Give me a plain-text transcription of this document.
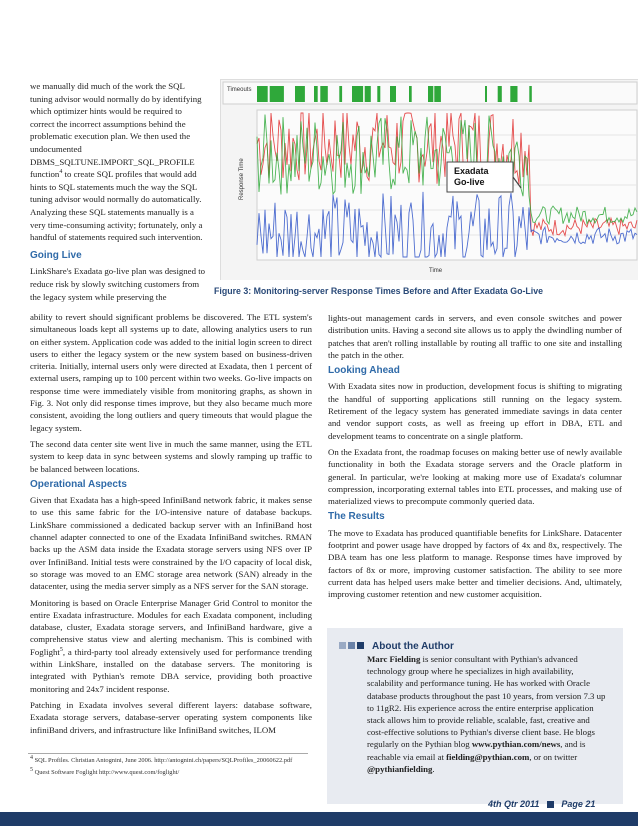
we manually did much of the work the SQL tuning advisor would normally do by identifying which optimizer hints would be required to correct the incorrect assumptions behind the problematic execution plan. We then used the undocumented DBMS_SQLTUNE.IMPORT_SQL_PROFILE function$^4$ to create SQL profiles that would add hints to SQL statements much the way the SQL tuning advisor would normally do automatically. Analyzing these SQL statements manually is a very time-consuming activity; fortunately, only a handful of statements required such intervention.

Going Live

LinkShare's Exadata go-live plan was designed to reduce risk by slowly switching customers from the legacy system while preserving the

Timeouts
Response Time
Time
Exadata Go-live
Figure 3: Monitoring-server Response Times Before and After Exadata Go-Live

ability to revert should significant problems be discovered. The ETL system's simultaneous loads kept all systems up to date, allowing analytics users to run on either system. Application code was added to the initial login screen to direct users to either the legacy system or the new system based on business-driven criteria. Initially, internal users only were directed at Exadata, then 1 percent of external users, ramping up to 100 percent within two weeks. Go-live impacts on response time were immediately visible from monitoring graphs, as shown in Fig. 3. Not only did response times improve, but they also became much more consistent, avoiding the long outliers and query timeouts that would plague the legacy system.

The second data center site went live in much the same manner, using the ETL system to keep data in sync between systems and slowly ramping up traffic to be balanced between locations.

Operational Aspects

Given that Exadata has a high-speed InfiniBand network fabric, it makes sense to use this same fabric for the I/O-intensive nature of database backups. LinkShare commissioned a dedicated backup server with an InfiniBand host channel adapter connected to one of the Exadata InfiniBand switches. RMAN backs up the ASM data inside the Exadata storage servers using NFS over IP over InfiniBand. Initial tests were constrained by the I/O capacity of local disk, so storage was moved to an EMC storage area network (SAN) already in the datacenter, using the media server simply as a NFS server for the SAN storage.

Monitoring is based on Oracle Enterprise Manager Grid Control to monitor the entire Exadata infrastructure. Modules for each Exadata component, including database, cluster, Exadata storage servers, and InfiniBand hardware, give a comprehensive status view and alerting mechanism. This is combined with Foglight$^5$, a third-party tool already extensively used for performance trending within LinkShare, installed on the database servers. The monitoring is integrated with Pythian's remote DBA service, providing both proactive monitoring and 24x7 incident response.

Patching in Exadata involves several different layers: database software, Exadata storage servers, database-server operating system components like infiniBand drivers, and infrastructure like InfiniBand switches, ILOM

$^4$ SQL Profiles. Christian Antognini, June 2006. http://antognini.ch/papers/SQLProfiles_20060622.pdf
$^5$ Quest Software Foglight http://www.quest.com/foglight/

lights-out management cards in servers, and even console switches and power distribution units. Having a second site allows us to apply the dwindling number of patches that aren't rolling installable by routing all traffic to one site and installing the patch in the other.

Looking Ahead

With Exadata sites now in production, development focus is shifting to migrating the handful of supporting applications still running on the legacy system. Retirement of the legacy system has generated immediate savings in data center and vendor support costs, as well as freeing up effort in DBA, ETL and development teams to concentrate on a single platform.

On the Exadata front, the roadmap focuses on making better use of newly available functionality in both the Exadata storage servers and the Oracle platform in general. In particular, we're looking at making more use of Exadata's columnar compression, incorporating external tables into ETL processes, and making use of materialized views to precompute commonly queried data.

The Results

The move to Exadata has produced quantifiable benefits for LinkShare. Datacenter footprint and power usage have dropped by factors of 4x and 8x, respectively. The DBA team has one less platform to manage. Response times have improved by factors of 8x or more, improving customer satisfaction. The ability to see more current data has helped users make better and timelier decisions. And, ultimately, improving customer retention and new customer acquisition.

About the Author
Marc Fielding is senior consultant with Pythian's advanced technology group where he specializes in high availability, scalability and performance tuning. He has worked with Oracle database products throughout the past 10 years, from version 7.3 up to 11gR2. His experience across the entire enterprise application stack allows him to provide reliable, scalable, fast, creative and cost-effective solutions to Pythian's diverse client base. He blogs regularly on the Pythian blog www.pythian.com/news, and is reachable via email at fielding@pythian.com, or on twitter @pythianfielding.
4th Qtr 2011 Page 21
